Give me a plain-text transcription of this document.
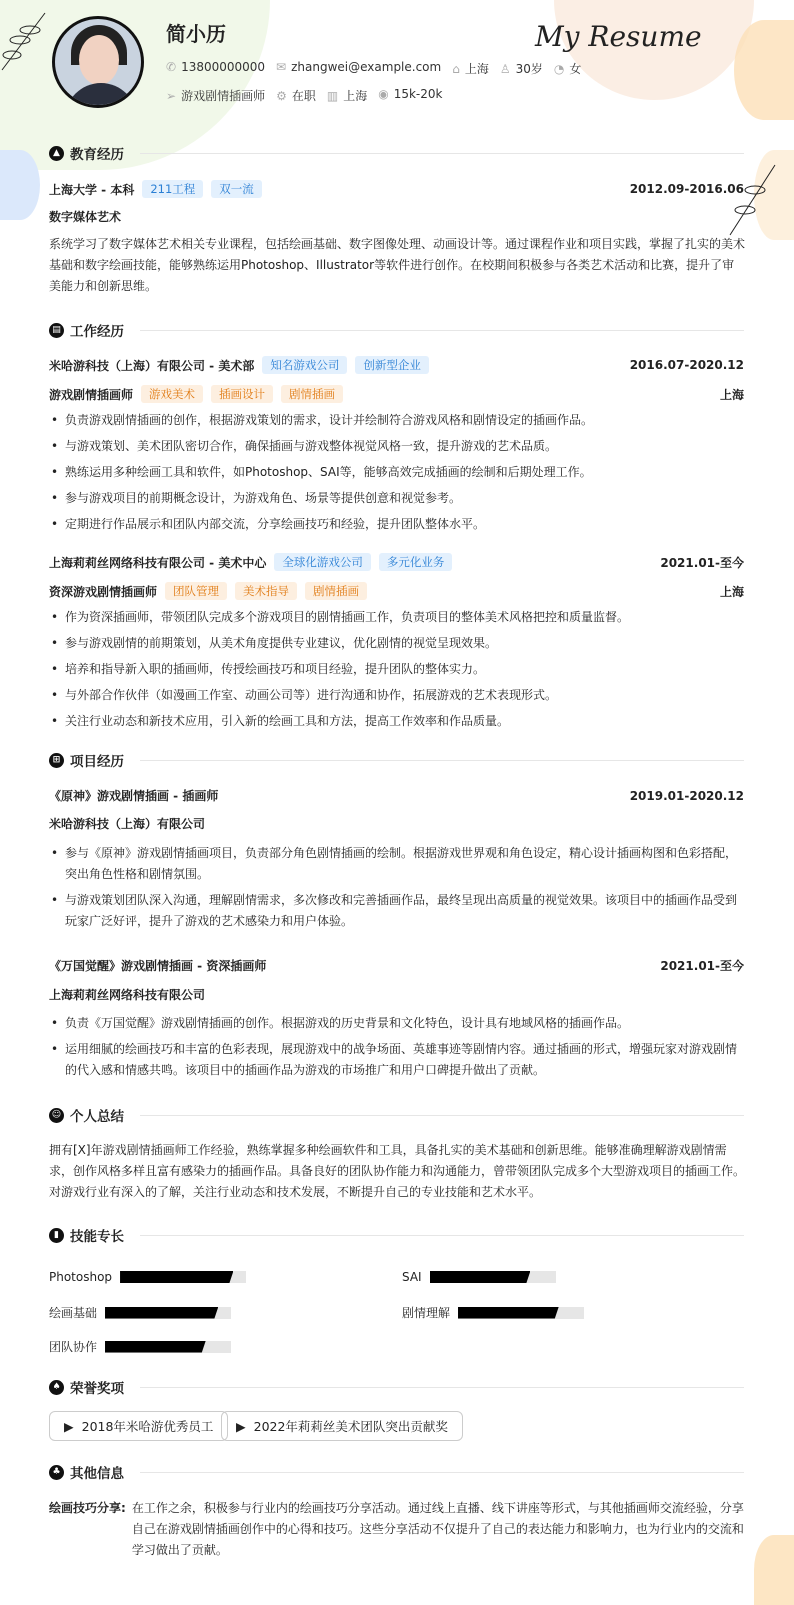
简小历	My Resume
✆ 13800000000 ✉ zhangwei@example.com ⌂ 上海 ♙ 30岁 ◔ 女
➢ 游戏剧情插画师 ⚙ 在职 ▥ 上海 ◉ 15k-20k
▲ 教育经历
上海大学 - 本科	211工程	双一流	2012.09-2016.06
数字媒体艺术
系统学习了数字媒体艺术相关专业课程，包括绘画基础、数字图像处理、动画设计等。通过课程作业和项目实践，掌握了扎实的美术基础和数字绘画技能，能够熟练运用Photoshop、Illustrator等软件进行创作。在校期间积极参与各类艺术活动和比赛，提升了审美能力和创新思维。
▤ 工作经历
米哈游科技（上海）有限公司 - 美术部	知名游戏公司	创新型企业	2016.07-2020.12
游戏剧情插画师	游戏美术	插画设计	剧情插画	上海
• 负责游戏剧情插画的创作，根据游戏策划的需求，设计并绘制符合游戏风格和剧情设定的插画作品。
• 与游戏策划、美术团队密切合作，确保插画与游戏整体视觉风格一致，提升游戏的艺术品质。
• 熟练运用多种绘画工具和软件，如Photoshop、SAI等，能够高效完成插画的绘制和后期处理工作。
• 参与游戏项目的前期概念设计，为游戏角色、场景等提供创意和视觉参考。
• 定期进行作品展示和团队内部交流，分享绘画技巧和经验，提升团队整体水平。
上海莉莉丝网络科技有限公司 - 美术中心	全球化游戏公司	多元化业务	2021.01-至今
资深游戏剧情插画师	团队管理	美术指导	剧情插画	上海
• 作为资深插画师，带领团队完成多个游戏项目的剧情插画工作，负责项目的整体美术风格把控和质量监督。
• 参与游戏剧情的前期策划，从美术角度提供专业建议，优化剧情的视觉呈现效果。
• 培养和指导新入职的插画师，传授绘画技巧和项目经验，提升团队的整体实力。
• 与外部合作伙伴（如漫画工作室、动画公司等）进行沟通和协作，拓展游戏的艺术表现形式。
• 关注行业动态和新技术应用，引入新的绘画工具和方法，提高工作效率和作品质量。
⊞ 项目经历
《原神》游戏剧情插画 - 插画师	2019.01-2020.12
米哈游科技（上海）有限公司
• 参与《原神》游戏剧情插画项目，负责部分角色剧情插画的绘制。根据游戏世界观和角色设定，精心设计插画构图和色彩搭配，突出角色性格和剧情氛围。
• 与游戏策划团队深入沟通，理解剧情需求，多次修改和完善插画作品，最终呈现出高质量的视觉效果。该项目中的插画作品受到玩家广泛好评，提升了游戏的艺术感染力和用户体验。
《万国觉醒》游戏剧情插画 - 资深插画师	2021.01-至今
上海莉莉丝网络科技有限公司
• 负责《万国觉醒》游戏剧情插画的创作。根据游戏的历史背景和文化特色，设计具有地域风格的插画作品。
• 运用细腻的绘画技巧和丰富的色彩表现，展现游戏中的战争场面、英雄事迹等剧情内容。通过插画的形式，增强玩家对游戏剧情的代入感和情感共鸣。该项目中的插画作品为游戏的市场推广和用户口碑提升做出了贡献。
☺ 个人总结
拥有[X]年游戏剧情插画师工作经验，熟练掌握多种绘画软件和工具，具备扎实的美术基础和创新思维。能够准确理解游戏剧情需求，创作风格多样且富有感染力的插画作品。具备良好的团队协作能力和沟通能力，曾带领团队完成多个大型游戏项目的插画工作。对游戏行业有深入的了解，关注行业动态和技术发展，不断提升自己的专业技能和艺术水平。
▮ 技能专长
Photoshop	SAI
绘画基础	剧情理解
团队协作
♠ 荣誉奖项
▶ 2018年米哈游优秀员工 ▶ 2022年莉莉丝美术团队突出贡献奖
♣ 其他信息
绘画技巧分享: 在工作之余，积极参与行业内的绘画技巧分享活动。通过线上直播、线下讲座等形式，与其他插画师交流经验，分享自己在游戏剧情插画创作中的心得和技巧。这些分享活动不仅提升了自己的表达能力和影响力，也为行业内的交流和学习做出了贡献。
